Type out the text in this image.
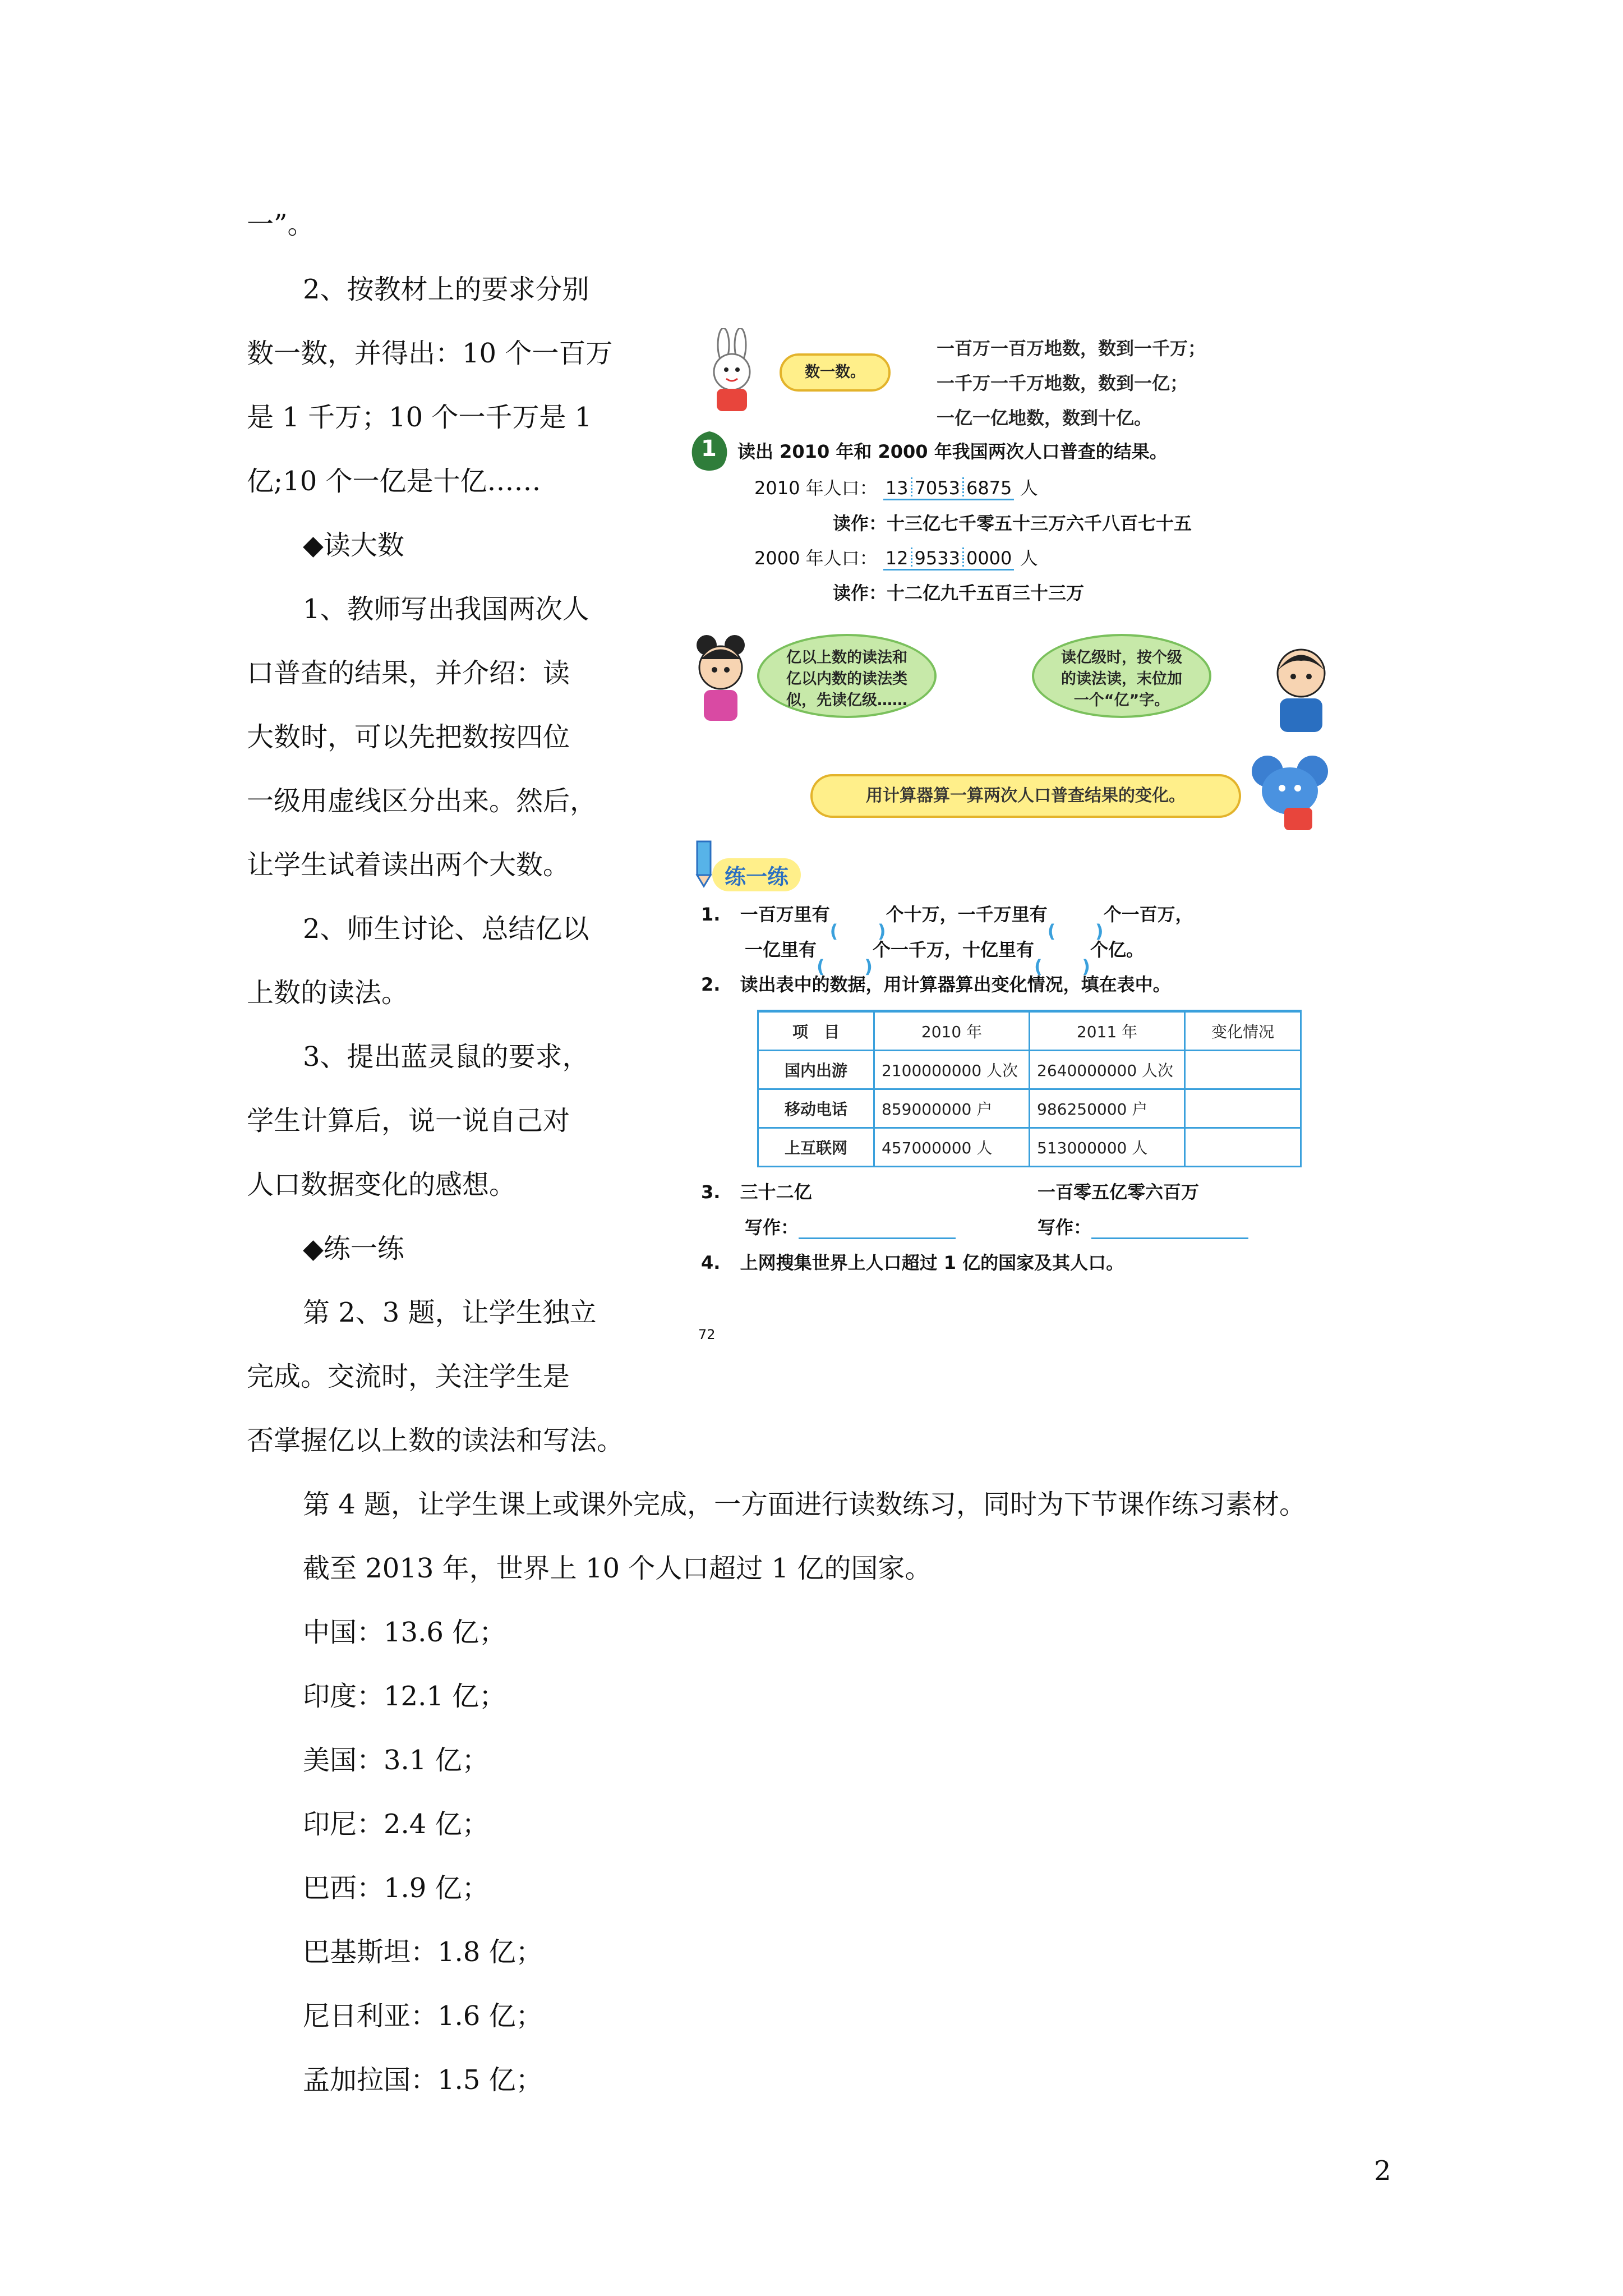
一”。

2、按教材上的要求分别

数一数，并得出：10 个一百万

是 1 千万；10 个一千万是 1

亿;10 个一亿是十亿……

◆读大数

1、教师写出我国两次人

口普查的结果，并介绍：读

大数时，可以先把数按四位

一级用虚线区分出来。然后，

让学生试着读出两个大数。

2、师生讨论、总结亿以

上数的读法。

3、提出蓝灵鼠的要求，

学生计算后，说一说自己对

人口数据变化的感想。

◆练一练

第 2、3 题，让学生独立

完成。交流时，关注学生是

否掌握亿以上数的读法和写法。

第 4 题，让学生课上或课外完成，一方面进行读数练习，同时为下节课作练习素材。

截至 2013 年，世界上 10 个人口超过 1 亿的国家。

中国：13.6 亿；

印度：12.1 亿；

美国：3.1 亿；

印尼：2.4 亿；

巴西：1.9 亿；

巴基斯坦：1.8 亿；

尼日利亚：1.6 亿；

孟加拉国：1.5 亿；

2

数一数。
一百万一百万地数，数到一千万；
一千万一千万地数，数到一亿；
一亿一亿地数，数到十亿。
1 读出 2010 年和 2000 年我国两次人口普查的结果。
2010 年人口： 13 7053 6875 人
读作：十三亿七千零五十三万六千八百七十五
2000 年人口： 12 9533 0000 人
读作：十二亿九千五百三十三万
亿以上数的读法和
亿以内数的读法类
似，先读亿级……
读亿级时，按个级
的读法读，末位加
一个“亿”字。
用计算器算一算两次人口普查结果的变化。
练一练
1. 一百万里有	个十万，一千万里有	个一百万，
一亿里有	个一千万，十亿里有	个亿。
2. 读出表中的数据，用计算器算出变化情况，填在表中。
项　目	2010 年	2011 年	变化情况
国内出游	2100000000 人次	2640000000 人次	
移动电话	859000000 户	986250000 户	
上互联网	457000000 人	513000000 人	
3. 三十二亿	一百零五亿零六百万
写作：	写作：
4. 上网搜集世界上人口超过 1 亿的国家及其人口。
72
